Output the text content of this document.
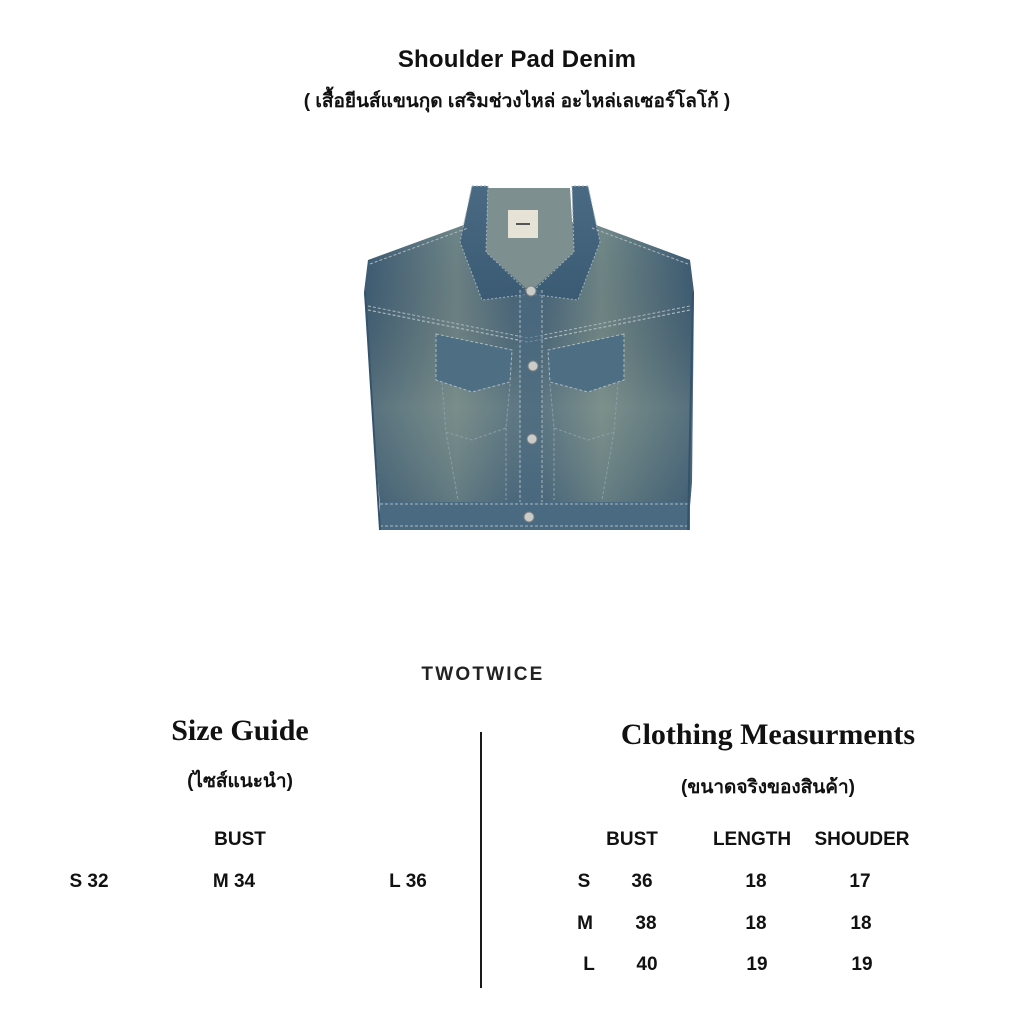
Shoulder Pad Denim
( เสื้อยีนส์แขนกุด เสริมช่วงไหล่ อะไหล่เลเซอร์โลโก้ )
TWOTWICE
Size Guide
(ไซส์แนะนำ)
BUST
S 32	M 34	L 36
Clothing Measurments
(ขนาดจริงของสินค้า)
BUST	LENGTH SHOUDER
S 36	18	17
M 38	18	18
L 40	19	19
